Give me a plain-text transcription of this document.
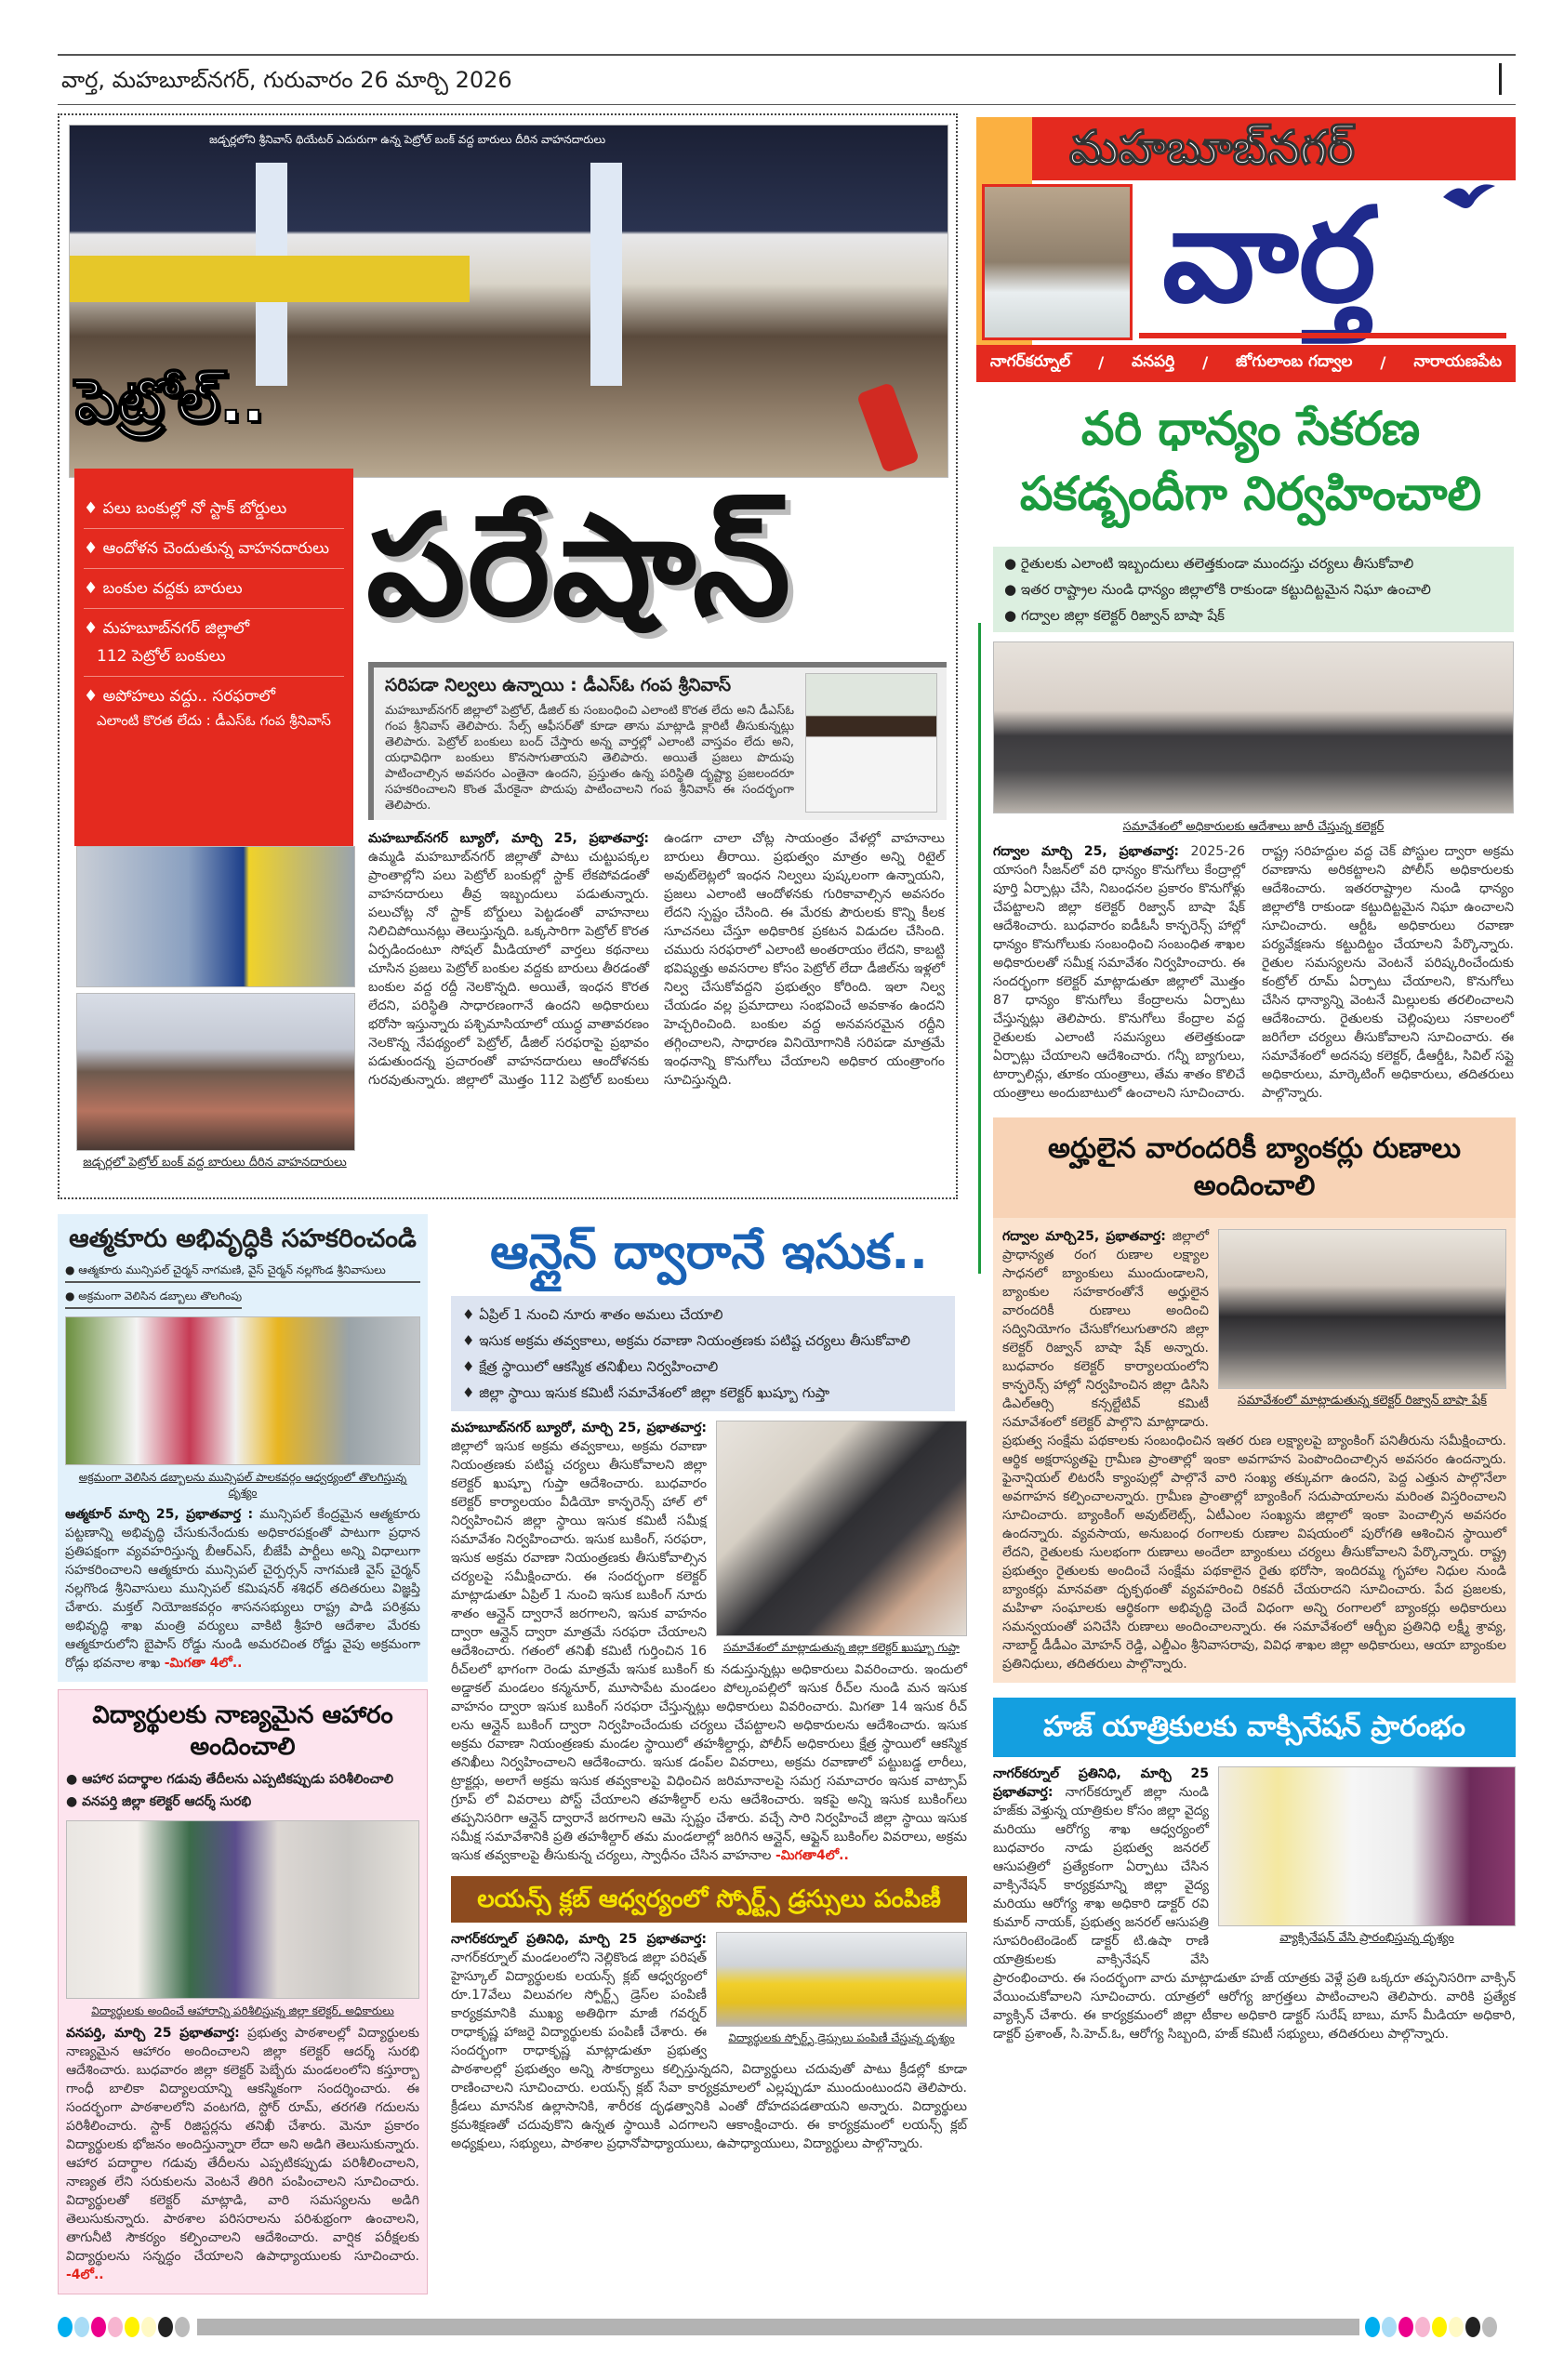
వార్త, మహబూబ్‌నగర్, గురువారం 26 మార్చి 2026
జడ్చర్లలోని శ్రీనివాస్ థియేటర్ ఎదురుగా ఉన్న పెట్రోల్ బంక్ వద్ద బారులు దీరిన వాహనదారులు
పెట్రోల్..
♦ పలు బంకుల్లో నో స్టాక్ బోర్డులు
♦ ఆందోళన చెందుతున్న వాహనదారులు
♦ బంకుల వద్దకు బారులు
♦ మహబూబ్‌నగర్ జిల్లాలో
112 పెట్రోల్ బంకులు
♦ అపోహలు వద్దు.. సరఫరాలో
ఎలాంటి కొరత లేదు : డీఎస్ఓ గంప శ్రీనివాస్
పరేషాన్
సరిపడా నిల్వలు ఉన్నాయి : డీఎస్ఓ గంప శ్రీనివాస్
మహబూబ్‌నగర్ జిల్లాలో పెట్రోల్, డీజిల్ కు సంబంధించి ఎలాంటి కొరత లేదు అని డీఎస్ఓ గంప శ్రీనివాస్ తెలిపారు. సేల్స్ ఆఫీసర్‌తో కూడా తాను మాట్లాడి క్లారిటీ తీసుకున్నట్లు తెలిపారు. పెట్రోల్ బంకులు బంద్ చేస్తారు అన్న వార్తల్లో ఎలాంటి వాస్తవం లేదు అని, యధావిధిగా బంకులు కొనసాగుతాయని తెలిపారు. అయితే ప్రజలు పొదుపు పాటించాల్సిన అవసరం ఎంతైనా ఉందని, ప్రస్తుతం ఉన్న పరిస్థితి దృష్ట్యా ప్రజలందరూ సహకరించాలని కొంత మేరకైనా పొదుపు పాటించాలని గంప శ్రీనివాస్ ఈ సందర్భంగా తెలిపారు.
జడ్చర్లలో పెట్రోల్ బంక్ వద్ద బారులు దీరిన వాహనదారులు
మహబూబ్‌నగర్ బ్యూరో, మార్చి 25, ప్రభాతవార్త: ఉమ్మడి మహబూబ్‌నగర్ జిల్లాతో పాటు చుట్టుపక్కల ప్రాంతాల్లోని పలు పెట్రోల్ బంకుల్లో స్టాక్ లేకపోవడంతో వాహనదారులు తీవ్ర ఇబ్బందులు పడుతున్నారు. పలుచోట్ల నో స్టాక్ బోర్డులు పెట్టడంతో వాహనాలు నిలిచిపోయినట్లు తెలుస్తున్నది. ఒక్కసారిగా పెట్రోల్ కొరత ఏర్పడిందంటూ సోషల్ మీడియాలో వార్తలు కథనాలు చూసిన ప్రజలు పెట్రోల్ బంకుల వద్దకు బారులు తీరడంతో బంకుల వద్ద రద్దీ నెలకొన్నది. అయితే, ఇంధన కొరత లేదని, పరిస్థితి సాధారణంగానే ఉందని అధికారులు భరోసా ఇస్తున్నారు పశ్చిమాసియాలో యుద్ధ వాతావరణం నెలకొన్న నేపథ్యంలో పెట్రోల్, డీజిల్ సరఫరాపై ప్రభావం పడుతుందన్న ప్రచారంతో వాహనదారులు ఆందోళనకు గురవుతున్నారు. జిల్లాలో మొత్తం 112 పెట్రోల్ బంకులు ఉండగా చాలా చోట్ల సాయంత్రం వేళల్లో వాహనాలు బారులు తీరాయి. ప్రభుత్వం మాత్రం అన్ని రిటైల్ అవుట్‌లెట్లలో ఇంధన నిల్వలు పుష్కలంగా ఉన్నాయని, ప్రజలు ఎలాంటి ఆందోళనకు గురికావాల్సిన అవసరం లేదని స్పష్టం చేసింది. ఈ మేరకు పౌరులకు కొన్ని కీలక సూచనలు చేస్తూ అధికారిక ప్రకటన విడుదల చేసింది. చమురు సరఫరాలో ఎలాంటి అంతరాయం లేదని, కాబట్టి భవిష్యత్తు అవసరాల కోసం పెట్రోల్ లేదా డీజిల్‌ను ఇళ్లలో నిల్వ చేసుకోవద్దని ప్రభుత్వం కోరింది. ఇలా నిల్వ చేయడం వల్ల ప్రమాదాలు సంభవించే అవకాశం ఉందని హెచ్చరించింది. బంకుల వద్ద అనవసరమైన రద్దీని తగ్గించాలని, సాధారణ వినియోగానికి సరిపడా మాత్రమే ఇంధనాన్ని కొనుగోలు చేయాలని అధికార యంత్రాంగం సూచిస్తున్నది.
మహబూబ్‌నగర్
వార్త
నాగర్‌కర్నూల్ / వనపర్తి / జోగులాంబ గద్వాల / నారాయణపేట
వరి ధాన్యం సేకరణ
పకడ్బందీగా నిర్వహించాలి
● రైతులకు ఎలాంటి ఇబ్బందులు తలెత్తకుండా ముందస్తు చర్యలు తీసుకోవాలి
● ఇతర రాష్ట్రాల నుండి ధాన్యం జిల్లాలోకి రాకుండా కట్టుదిట్టమైన నిఘా ఉంచాలి
● గద్వాల జిల్లా కలెక్టర్ రిజ్వాన్ బాషా షేక్
సమావేశంలో అధికారులకు ఆదేశాలు జారీ చేస్తున్న కలెక్టర్
గద్వాల మార్చి 25, ప్రభాతవార్త: 2025-26 యాసంగి సీజన్‌లో వరి ధాన్యం కొనుగోలు కేంద్రాల్లో పూర్తి ఏర్పాట్లు చేసి, నిబంధనల ప్రకారం కొనుగోళ్లు చేపట్టాలని జిల్లా కలెక్టర్ రిజ్వాన్ బాషా షేక్ ఆదేశించారు. బుధవారం ఐడీఓసీ కాన్ఫరెన్స్ హాల్లో ధాన్యం కొనుగోలుకు సంబంధించి సంబంధిత శాఖల అధికారులతో సమీక్ష సమావేశం నిర్వహించారు. ఈ సందర్భంగా కలెక్టర్ మాట్లాడుతూ జిల్లాలో మొత్తం 87 ధాన్యం కొనుగోలు కేంద్రాలను ఏర్పాటు చేస్తున్నట్లు తెలిపారు. కొనుగోలు కేంద్రాల వద్ద రైతులకు ఎలాంటి సమస్యలు తలెత్తకుండా ఏర్పాట్లు చేయాలని ఆదేశించారు. గన్నీ బ్యాగులు, టార్పాలిన్లు, తూకం యంత్రాలు, తేమ శాతం కొలిచే యంత్రాలు అందుబాటులో ఉంచాలని సూచించారు. రాష్ట్ర సరిహద్దుల వద్ద చెక్ పోస్టుల ద్వారా అక్రమ రవాణాను అరికట్టాలని పోలీస్ అధికారులకు ఆదేశించారు. ఇతరరాష్ట్రాల నుండి ధాన్యం జిల్లాలోకి రాకుండా కట్టుదిట్టమైన నిఘా ఉంచాలని సూచించారు. ఆర్టీఓ అధికారులు రవాణా పర్యవేక్షణను కట్టుదిట్టం చేయాలని పేర్కొన్నారు. రైతుల సమస్యలను వెంటనే పరిష్కరించేందుకు కంట్రోల్ రూమ్ ఏర్పాటు చేయాలని, కొనుగోలు చేసిన ధాన్యాన్ని వెంటనే మిల్లులకు తరలించాలని ఆదేశించారు. రైతులకు చెల్లింపులు సకాలంలో జరిగేలా చర్యలు తీసుకోవాలని సూచించారు. ఈ సమావేశంలో అదనపు కలెక్టర్, డీఆర్డీఓ, సివిల్ సప్లై అధికారులు, మార్కెటింగ్ అధికారులు, తదితరులు పాల్గొన్నారు.
అర్హులైన వారందరికీ బ్యాంకర్లు రుణాలు అందించాలి
సమావేశంలో మాట్లాడుతున్న కలెక్టర్ రిజ్వాన్ బాషా షేక్
గద్వాల మార్చి25, ప్రభాతవార్త: జిల్లాలో ప్రాధాన్యత రంగ రుణాల లక్ష్యాల సాధనలో బ్యాంకులు ముందుండాలని, బ్యాంకుల సహకారంతోనే అర్హులైన వారందరికీ రుణాలు అందించి సద్వినియోగం చేసుకోగలుగుతారని జిల్లా కలెక్టర్ రిజ్వాన్ బాషా షేక్ అన్నారు. బుధవారం కలెక్టర్ కార్యాలయంలోని కాన్ఫరెన్స్ హాల్లో నిర్వహించిన జిల్లా డిసిసి డిఎల్ఆర్సి కన్సల్టేటివ్ కమిటీ సమావేశంలో కలెక్టర్ పాల్గొని మాట్లాడారు. ప్రభుత్వ సంక్షేమ పథకాలకు సంబంధించిన ఇతర రుణ లక్ష్యాలపై బ్యాంకింగ్ పనితీరును సమీక్షించారు. ఆర్థిక అక్షరాస్యతపై గ్రామీణ ప్రాంతాల్లో ఇంకా అవగాహన పెంపొందించాల్సిన అవసరం ఉందన్నారు. ఫైనాన్షియల్ లిటరసీ క్యాంపుల్లో పాల్గొనే వారి సంఖ్య తక్కువగా ఉందని, పెద్ద ఎత్తున పాల్గొనేలా అవగాహన కల్పించాలన్నారు. గ్రామీణ ప్రాంతాల్లో బ్యాంకింగ్ సదుపాయాలను మరింత విస్తరించాలని సూచించారు. బ్యాంకింగ్ అవుట్‌లెట్స్, ఏటీఎంల సంఖ్యను జిల్లాలో ఇంకా పెంచాల్సిన అవసరం ఉందన్నారు. వ్యవసాయ, అనుబంధ రంగాలకు రుణాల విషయంలో పురోగతి ఆశించిన స్థాయిలో లేదని, రైతులకు సులభంగా రుణాలు అందేలా బ్యాంకులు చర్యలు తీసుకోవాలని పేర్కొన్నారు. రాష్ట్ర ప్రభుత్వం రైతులకు అందించే సంక్షేమ పథకాలైన రైతు భరోసా, ఇందిరమ్మ గృహాల నిధుల నుండి బ్యాంకర్లు మానవతా దృక్పథంతో వ్యవహరించి రికవరీ చేయరాదని సూచించారు. పేద ప్రజలకు, మహిళా సంఘాలకు ఆర్థికంగా అభివృద్ధి చెందే విధంగా అన్ని రంగాలలో బ్యాంకర్లు అధికారులు సమన్వయంతో పనిచేసి రుణాలు అందించాలన్నారు. ఈ సమావేశంలో ఆర్బీఐ ప్రతినిధి లక్ష్మీ శ్రావ్య, నాబార్డ్ డీడీఎం మోహన్ రెడ్డి, ఎల్డీఎం శ్రీనివాసరావు, వివిధ శాఖల జిల్లా అధికారులు, ఆయా బ్యాంకుల ప్రతినిధులు, తదితరులు పాల్గొన్నారు.
హజ్ యాత్రికులకు వాక్సినేషన్ ప్రారంభం
వ్యాక్సినేషన్ వేసి ప్రారంభిస్తున్న దృశ్యం
నాగర్‌కర్నూల్ ప్రతినిధి, మార్చి 25 ప్రభాతవార్త: నాగర్‌కర్నూల్ జిల్లా నుండి హజ్‌కు వెళ్తున్న యాత్రికుల కోసం జిల్లా వైద్య మరియు ఆరోగ్య శాఖ ఆధ్వర్యంలో బుధవారం నాడు ప్రభుత్వ జనరల్ ఆసుపత్రిలో ప్రత్యేకంగా ఏర్పాటు చేసిన వాక్సినేషన్ కార్యక్రమాన్ని జిల్లా వైద్య మరియు ఆరోగ్య శాఖ అధికారి డాక్టర్ రవి కుమార్ నాయక్, ప్రభుత్వ జనరల్ ఆసుపత్రి సూపరింటెండెంట్ డాక్టర్ టి.ఉషా రాణి యాత్రికులకు వాక్సినేషన్ వేసి ప్రారంభించారు. ఈ సందర్భంగా వారు మాట్లాడుతూ హజ్ యాత్రకు వెళ్లే ప్రతి ఒక్కరూ తప్పనిసరిగా వాక్సిన్ వేయించుకోవాలని సూచించారు. యాత్రలో ఆరోగ్య జాగ్రత్తలు పాటించాలని తెలిపారు. వారికి ప్రత్యేక వ్యాక్సిన్ చేశారు. ఈ కార్యక్రమంలో జిల్లా టీకాల అధికారి డాక్టర్ సురేష్ బాబు, మాస్ మీడియా అధికారి, డాక్టర్ ప్రశాంత్, సి.హెచ్.ఓ, ఆరోగ్య సిబ్బంది, హజ్ కమిటీ సభ్యులు, తదితరులు పాల్గొన్నారు.
ఆత్మకూరు అభివృద్ధికి సహకరించండి
● ఆత్మకూరు మున్సిపల్ చైర్మన్ నాగమణి, వైస్ చైర్మన్ నల్లగొండ శ్రీనివాసులు
● అక్రమంగా వెలిసిన డబ్బాలు తొలగింపు
అక్రమంగా వెలిసిన డబ్బాలను మున్సిపల్ పాలకవర్గం ఆధ్వర్యంలో తొలగిస్తున్న దృశ్యం
ఆత్మకూర్ మార్చి 25, ప్రభాతవార్త : మున్సిపల్ కేంద్రమైన ఆత్మకూరు పట్టణాన్ని అభివృద్ధి చేసుకునేందుకు అధికారపక్షంతో పాటుగా ప్రధాన ప్రతిపక్షంగా వ్యవహరిస్తున్న బీఆర్ఎస్, బీజేపీ పార్టీలు అన్ని విధాలుగా సహకరించాలని ఆత్మకూరు మున్సిపల్ చైర్పర్సన్ నాగమణి వైస్ చైర్మన్ నల్లగొండ శ్రీనివాసులు మున్సిపల్ కమిషనర్ శశిధర్ తదితరులు విజ్ఞప్తి చేశారు. మక్తల్ నియోజకవర్గం శాసనసభ్యులు రాష్ట్ర పాడి పరిశ్రమ అభివృద్ధి శాఖ మంత్రి వర్యులు వాకిటి శ్రీహరి ఆదేశాల మేరకు ఆత్మకూరులోని బైపాస్ రోడ్డు నుండి అమరచింత రోడ్డు వైపు అక్రమంగా రోడ్లు భవనాల శాఖ -మిగతా 4లో..
విద్యార్థులకు నాణ్యమైన ఆహారం అందించాలి
● ఆహార పదార్థాల గడువు తేదీలను ఎప్పటికప్పుడు పరిశీలించాలి
● వనపర్తి జిల్లా కలెక్టర్ ఆదర్శ్ సురభి
విద్యార్థులకు అందించే ఆహారాన్ని పరిశీలిస్తున్న జిల్లా కలెక్టర్, అధికారులు
వనపర్తి, మార్చి 25 ప్రభాతవార్త: ప్రభుత్వ పాఠశాలల్లో విద్యార్థులకు నాణ్యమైన ఆహారం అందించాలని జిల్లా కలెక్టర్ ఆదర్శ్ సురభి ఆదేశించారు. బుధవారం జిల్లా కలెక్టర్ పెబ్బేరు మండలంలోని కస్తూర్బా గాంధీ బాలికా విద్యాలయాన్ని ఆకస్మికంగా సందర్శించారు. ఈ సందర్భంగా పాఠశాలలోని వంటగది, స్టోర్ రూమ్, తరగతి గదులను పరిశీలించారు. స్టాక్ రిజిస్టర్లను తనిఖీ చేశారు. మెనూ ప్రకారం విద్యార్థులకు భోజనం అందిస్తున్నారా లేదా అని అడిగి తెలుసుకున్నారు. ఆహార పదార్థాల గడువు తేదీలను ఎప్పటికప్పుడు పరిశీలించాలని, నాణ్యత లేని సరుకులను వెంటనే తిరిగి పంపించాలని సూచించారు. విద్యార్థులతో కలెక్టర్ మాట్లాడి, వారి సమస్యలను అడిగి తెలుసుకున్నారు. పాఠశాల పరిసరాలను పరిశుభ్రంగా ఉంచాలని, తాగునీటి సౌకర్యం కల్పించాలని ఆదేశించారు. వార్షిక పరీక్షలకు విద్యార్థులను సన్నద్ధం చేయాలని ఉపాధ్యాయులకు సూచించారు. -4లో..
ఆన్లైన్ ద్వారానే ఇసుక..
♦ ఏప్రిల్ 1 నుంచి నూరు శాతం అమలు చేయాలి
♦ ఇసుక అక్రమ తవ్వకాలు, అక్రమ రవాణా నియంత్రణకు పటిష్ట చర్యలు తీసుకోవాలి
♦ క్షేత్ర స్థాయిలో ఆకస్మిక తనిఖీలు నిర్వహించాలి
♦ జిల్లా స్థాయి ఇసుక కమిటీ సమావేశంలో జిల్లా కలెక్టర్ ఖుష్బూ గుప్తా
సమావేశంలో మాట్లాడుతున్న జిల్లా కలెక్టర్ ఖుష్బూ గుప్తా
మహబూబ్‌నగర్ బ్యూరో, మార్చి 25, ప్రభాతవార్త: జిల్లాలో ఇసుక అక్రమ తవ్వకాలు, అక్రమ రవాణా నియంత్రణకు పటిష్ట చర్యలు తీసుకోవాలని జిల్లా కలెక్టర్ ఖుష్బూ గుప్తా ఆదేశించారు. బుధవారం కలెక్టర్ కార్యాలయం వీడియో కాన్ఫరెన్స్ హాల్ లో నిర్వహించిన జిల్లా స్థాయి ఇసుక కమిటీ సమీక్ష సమావేశం నిర్వహించారు. ఇసుక బుకింగ్, సరఫరా, ఇసుక అక్రమ రవాణా నియంత్రణకు తీసుకోవాల్సిన చర్యలపై సమీక్షించారు. ఈ సందర్భంగా కలెక్టర్ మాట్లాడుతూ ఏప్రిల్ 1 నుంచి ఇసుక బుకింగ్ నూరు శాతం ఆన్లైన్ ద్వారానే జరగాలని, ఇసుక వాహనం ద్వారా ఆన్లైన్ ద్వారా మాత్రమే సరఫరా చేయాలని ఆదేశించారు. గతంలో తనిఖీ కమిటీ గుర్తించిన 16 రీచ్‌లలో భాగంగా రెండు మాత్రమే ఇసుక బుకింగ్ కు నడుస్తున్నట్లు అధికారులు వివరించారు. ఇందులో అడ్డాకల్ మండలం కన్మనూర్, మూసాపేట మండలం పోల్కంపల్లిలో ఇసుక రీచ్‌ల నుండి మన ఇసుక వాహనం ద్వారా ఇసుక బుకింగ్ సరఫరా చేస్తున్నట్లు అధికారులు వివరించారు. మిగతా 14 ఇసుక రీచ్ లను ఆన్లైన్ బుకింగ్ ద్వారా నిర్వహించేందుకు చర్యలు చేపట్టాలని అధికారులను ఆదేశించారు. ఇసుక అక్రమ రవాణా నియంత్రణకు మండల స్థాయిలో తహశీల్దార్లు, పోలీస్ అధికారులు క్షేత్ర స్థాయిలో ఆకస్మిక తనిఖీలు నిర్వహించాలని ఆదేశించారు. ఇసుక డంప్‌ల వివరాలు, అక్రమ రవాణాలో పట్టుబడ్డ లారీలు, ట్రాక్టర్లు, అలాగే అక్రమ ఇసుక తవ్వకాలపై విధించిన జరిమానాలపై సమగ్ర సమాచారం ఇసుక వాట్సాప్ గ్రూప్ లో వివరాలు పోస్ట్ చేయాలని తహశీల్దార్ లను ఆదేశించారు. ఇకపై అన్ని ఇసుక బుకింగ్‌లు తప్పనిసరిగా ఆన్లైన్ ద్వారానే జరగాలని ఆమె స్పష్టం చేశారు. వచ్చే సారి నిర్వహించే జిల్లా స్థాయి ఇసుక సమీక్ష సమావేశానికి ప్రతి తహశీల్దార్ తమ మండలాల్లో జరిగిన ఆన్లైన్, ఆఫ్లైన్ బుకింగ్‌ల వివరాలు, అక్రమ ఇసుక తవ్వకాలపై తీసుకున్న చర్యలు, స్వాధీనం చేసిన వాహనాల -మిగతా4లో..
లయన్స్ క్లబ్ ఆధ్వర్యంలో స్పోర్ట్స్ డ్రస్సులు పంపిణీ
విద్యార్థులకు స్పోర్ట్స్ డ్రెస్సులు పంపిణీ చేస్తున్న దృశ్యం
నాగర్‌కర్నూల్ ప్రతినిధి, మార్చి 25 ప్రభాతవార్త: నాగర్‌కర్నూల్ మండలంలోని నెల్లికొండ జిల్లా పరిషత్ హైస్కూల్ విద్యార్థులకు లయన్స్ క్లబ్ ఆధ్వర్యంలో రూ.17వేలు విలువగల స్పోర్ట్స్ డ్రెస్‌ల పంపిణీ కార్యక్రమానికి ముఖ్య అతిథిగా మాజీ గవర్నర్ రాధాకృష్ణ హాజరై విద్యార్థులకు పంపిణీ చేశారు. ఈ సందర్భంగా రాధాకృష్ణ మాట్లాడుతూ ప్రభుత్వ పాఠశాలల్లో ప్రభుత్వం అన్ని సౌకర్యాలు కల్పిస్తున్నదని, విద్యార్థులు చదువుతో పాటు క్రీడల్లో కూడా రాణించాలని సూచించారు. లయన్స్ క్లబ్ సేవా కార్యక్రమాలలో ఎల్లప్పుడూ ముందుంటుందని తెలిపారు. క్రీడలు మానసిక ఉల్లాసానికి, శారీరక దృఢత్వానికి ఎంతో దోహదపడతాయని అన్నారు. విద్యార్థులు క్రమశిక్షణతో చదువుకొని ఉన్నత స్థాయికి ఎదగాలని ఆకాంక్షించారు. ఈ కార్యక్రమంలో లయన్స్ క్లబ్ అధ్యక్షులు, సభ్యులు, పాఠశాల ప్రధానోపాధ్యాయులు, ఉపాధ్యాయులు, విద్యార్థులు పాల్గొన్నారు.
